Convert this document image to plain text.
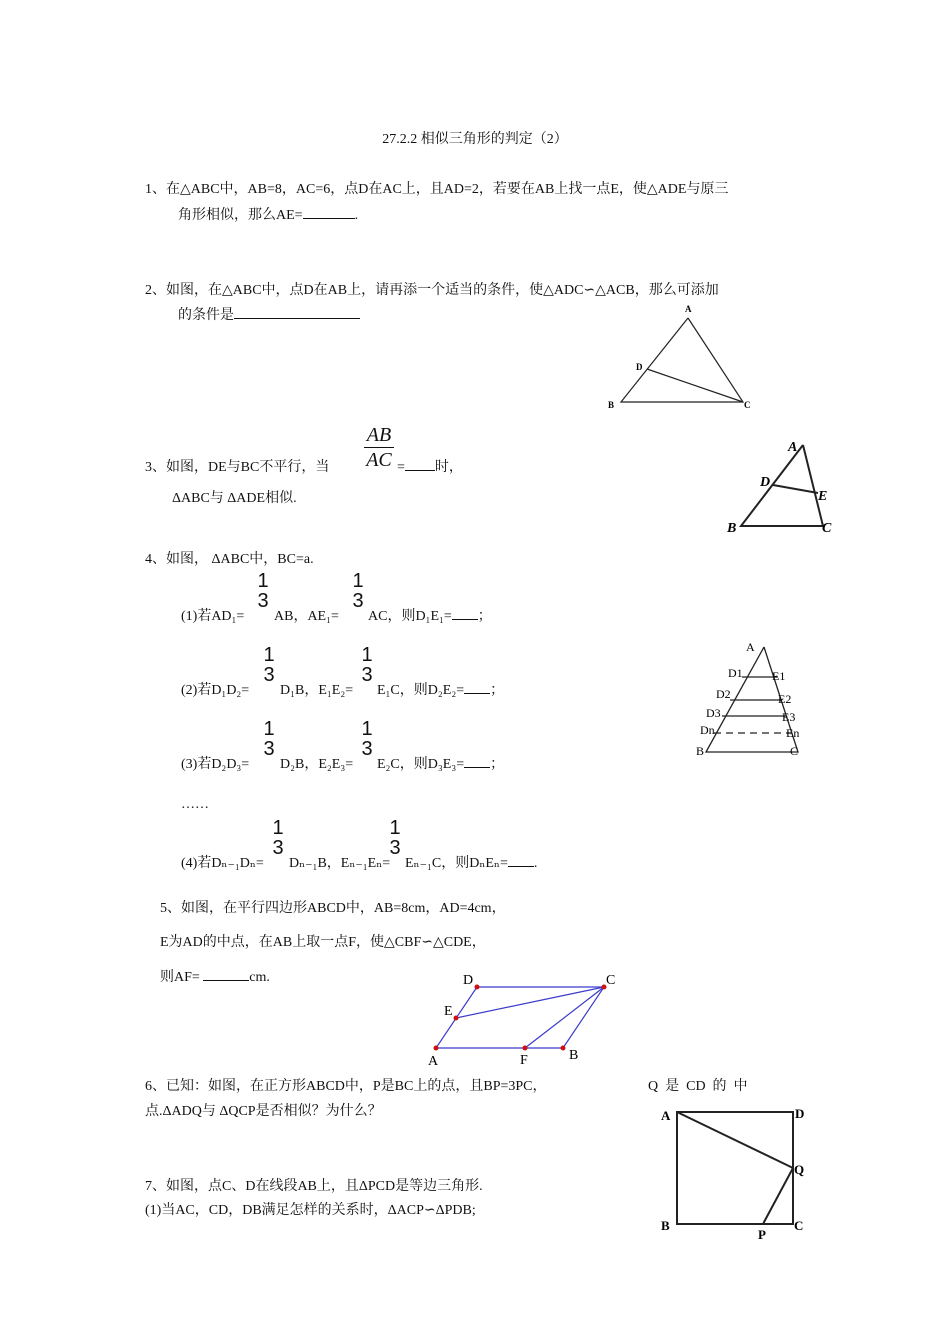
27.2.2 相似三角形的判定（2）
1、在△ABC中，AB=8，AC=6，点D在AC上，且AD=2，若要在AB上找一点E，使△ADE与原三
角形相似，那么AE=	.
2、如图，在△ABC中，点D在AB上，请再添一个适当的条件，使△ADC∽△ACB，那么可添加
的条件是	A
D
B	C
3、如图，DE与BC不平行，当
AB
AC = 时，
ΔABC与 ΔADE相似.
A
D
E
B	C
4、如图， ΔABC中，BC=a.
(1)若AD₁=
1
3
AB，AE₁=
1
3
AC，则D₁E₁= ；
(2)若D₁D₂=
1
3
D₁B，E₁E₂=
1
3
E₁C，则D₂E₂= ；
(3)若D₂D₃=
1
3
D₂B，E₂E₃=
1
3
E₂C，则D₃E₃= ；
……
(4)若Dₙ₋₁Dₙ=
1
3
Dₙ₋₁B，Eₙ₋₁Eₙ=
1
3
Eₙ₋₁C，则DₙEₙ= .
A
D1
D2
D3
Dn
B
E1
E2
E3
En
C
5、如图，在平行四边形ABCD中，AB=8cm，AD=4cm，
E为AD的中点，在AB上取一点F，使△CBF∽△CDE，
则AF=	cm.	D	C
E
A	F	B
6、已知：如图，在正方形ABCD中，P是BC上的点，且BP=3PC，	Q  是  CD  的  中
点.ΔADQ与 ΔQCP是否相似？为什么？	A	D
Q
B	C
P
7、如图，点C、D在线段AB上，且ΔPCD是等边三角形.
(1)当AC，CD，DB满足怎样的关系时，ΔACP∽ΔPDB;
